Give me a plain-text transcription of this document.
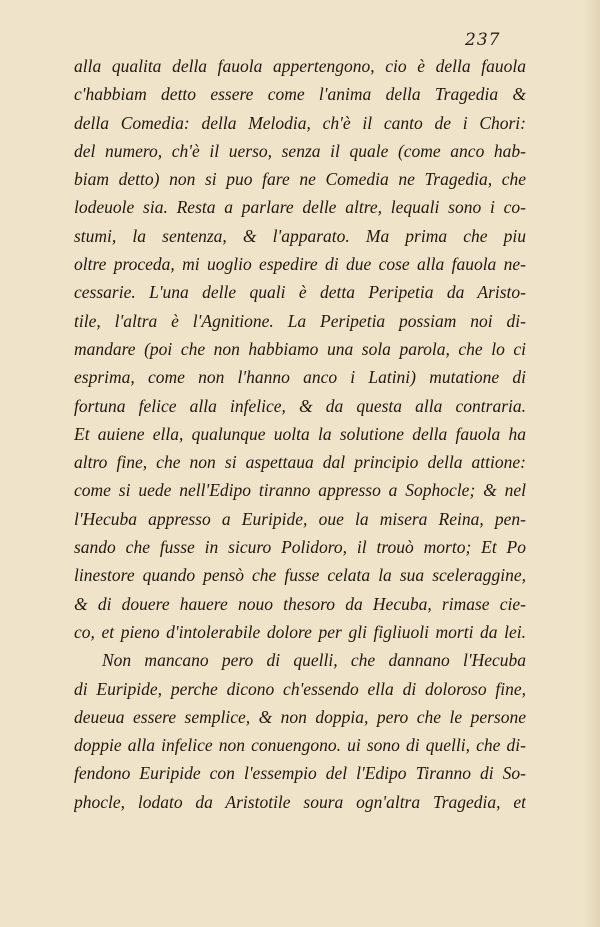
237
alla qualita della fauola appertengono, cio è della fauola
c'habbiam detto essere come l'anima della Tragedia &
della Comedia: della Melodia, ch'è il canto de i Chori:
del numero, ch'è il uerso, senza il quale (come anco hab-
biam detto) non si puo fare ne Comedia ne Tragedia, che
lodeuole sia. Resta a parlare delle altre, lequali sono i co-
stumi, la sentenza, & l'apparato. Ma prima che piu
oltre proceda, mi uoglio espedire di due cose alla fauola ne-
cessarie. L'una delle quali è detta Peripetia da Aristo-
tile, l'altra è l'Agnitione. La Peripetia possiam noi di-
mandare (poi che non habbiamo una sola parola, che lo ci
esprima, come non l'hanno anco i Latini) mutatione di
fortuna felice alla infelice, & da questa alla contraria.
Et auiene ella, qualunque uolta la solutione della fauola ha
altro fine, che non si aspettaua dal principio della attione:
come si uede nell'Edipo tiranno appresso a Sophocle; & nel
l'Hecuba appresso a Euripide, oue la misera Reina, pen-
sando che fusse in sicuro Polidoro, il trouò morto; Et Po
linestore quando pensò che fusse celata la sua sceleraggine,
& di douere hauere nouo thesoro da Hecuba, rimase cie-
co, et pieno d'intolerabile dolore per gli figliuoli morti da lei.
Non mancano pero di quelli, che dannano l'Hecuba
di Euripide, perche dicono ch'essendo ella di doloroso fine,
deueua essere semplice, & non doppia, pero che le persone
doppie alla infelice non conuengono. ui sono di quelli, che di-
fendono Euripide con l'essempio del l'Edipo Tiranno di So-
phocle, lodato da Aristotile soura ogn'altra Tragedia, et
